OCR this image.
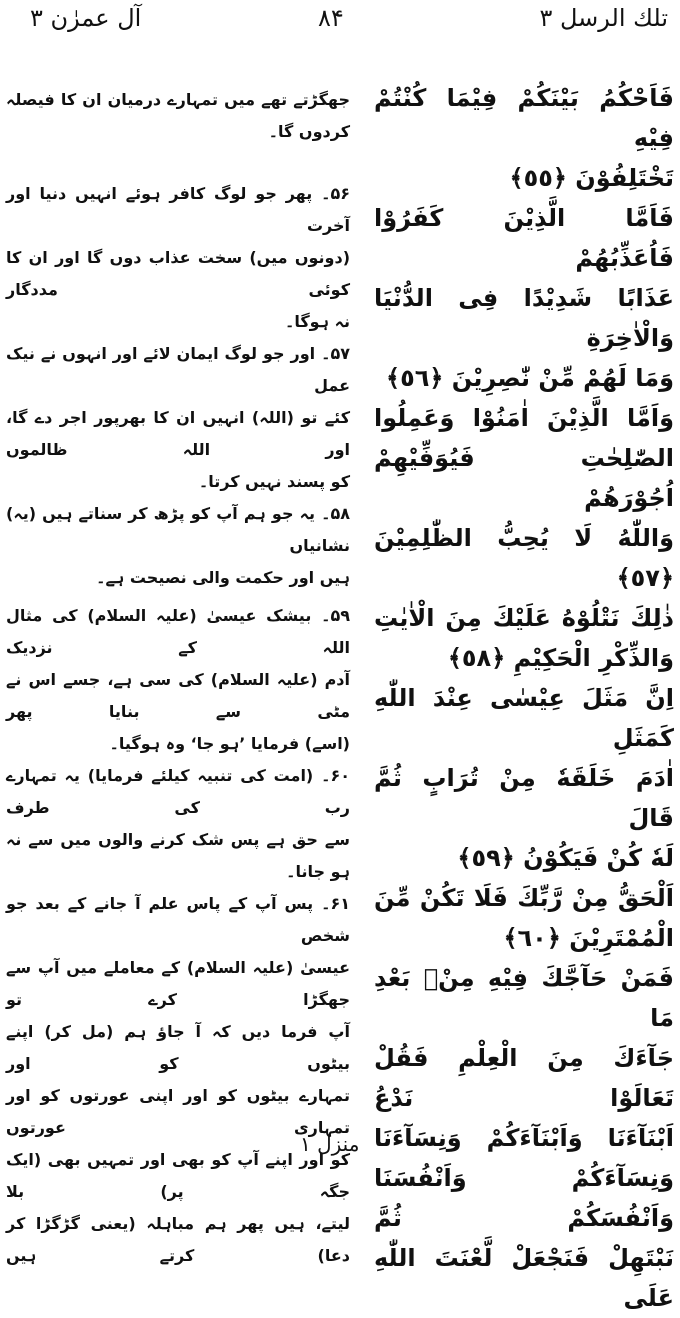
آل عمرٰن ۳	۸۴	تلك الرسل ۳
فَاَحْكُمُ بَيْنَكُمْ فِيْمَا كُنْتُمْ فِيْهِ
تَخْتَلِفُوْنَ ﴿٥٥﴾
فَاَمَّا الَّذِيْنَ كَفَرُوْا فَاُعَذِّبُهُمْ
عَذَابًا شَدِيْدًا فِى الدُّنْيَا وَالْاٰخِرَةِ
وَمَا لَهُمْ مِّنْ نّٰصِرِيْنَ ﴿٥٦﴾
وَاَمَّا الَّذِيْنَ اٰمَنُوْا وَعَمِلُوا
الصّٰلِحٰتِ فَيُوَفِّيْهِمْ اُجُوْرَهُمْ
وَاللّٰهُ لَا يُحِبُّ الظّٰلِمِيْنَ ﴿٥٧﴾
ذٰلِكَ نَتْلُوْهُ عَلَيْكَ مِنَ الْاٰيٰتِ
وَالذِّكْرِ الْحَكِيْمِ ﴿٥٨﴾
اِنَّ مَثَلَ عِيْسٰى عِنْدَ اللّٰهِ كَمَثَلِ
اٰدَمَ خَلَقَهٗ مِنْ تُرَابٍ ثُمَّ قَالَ
لَهٗ كُنْ فَيَكُوْنُ ﴿٥٩﴾
اَلْحَقُّ مِنْ رَّبِّكَ فَلَا تَكُنْ مِّنَ
الْمُمْتَرِيْنَ ﴿٦٠﴾
فَمَنْ حَآجَّكَ فِيْهِ مِنْۢ بَعْدِ مَا
جَآءَكَ مِنَ الْعِلْمِ فَقُلْ تَعَالَوْا نَدْعُ
اَبْنَآءَنَا وَاَبْنَآءَكُمْ وَنِسَآءَنَا
وَنِسَآءَكُمْ وَاَنْفُسَنَا وَاَنْفُسَكُمْ ثُمَّ
نَبْتَهِلْ فَنَجْعَلْ لَّعْنَتَ اللّٰهِ عَلَى
جھگڑتے تھے میں تمہارے درمیان ان کا فیصلہ کردوں گا۔
۵۶۔ پھر جو لوگ کافر ہوئے انہیں دنیا اور آخرت
(دونوں میں) سخت عذاب دوں گا اور ان کا کوئی مددگار
نہ ہوگا۔
۵۷۔ اور جو لوگ ایمان لائے اور انہوں نے نیک عمل
کئے تو (اللہ) انہیں ان کا بھرپور اجر دے گا، اور اللہ ظالموں
کو پسند نہیں کرتا۔
۵۸۔ یہ جو ہم آپ کو پڑھ کر سناتے ہیں (یہ) نشانیاں
ہیں اور حکمت والی نصیحت ہے۔
۵۹۔ بیشک عیسیٰ (علیہ السلام) کی مثال اللہ کے نزدیک
آدم (علیہ السلام) کی سی ہے، جسے اس نے مٹی سے بنایا پھر
(اسے) فرمایا ’ہو جا‘ وہ ہوگیا۔
۶۰۔ (امت کی تنبیہ کیلئے فرمایا) یہ تمہارے رب کی طرف
سے حق ہے پس شک کرنے والوں میں سے نہ ہو جانا۔
۶۱۔ پس آپ کے پاس علم آ جانے کے بعد جو شخص
عیسیٰ (علیہ السلام) کے معاملے میں آپ سے جھگڑا کرے تو
آپ فرما دیں کہ آ جاؤ ہم (مل کر) اپنے بیٹوں کو اور
تمہارے بیٹوں کو اور اپنی عورتوں کو اور تمہاری عورتوں
کو اور اپنے آپ کو بھی اور تمہیں بھی (ایک جگہ پر) بلا
لیتے، ہیں پھر ہم مباہلہ (یعنی گڑگڑا کر دعا) کرتے ہیں
منزل ۱
